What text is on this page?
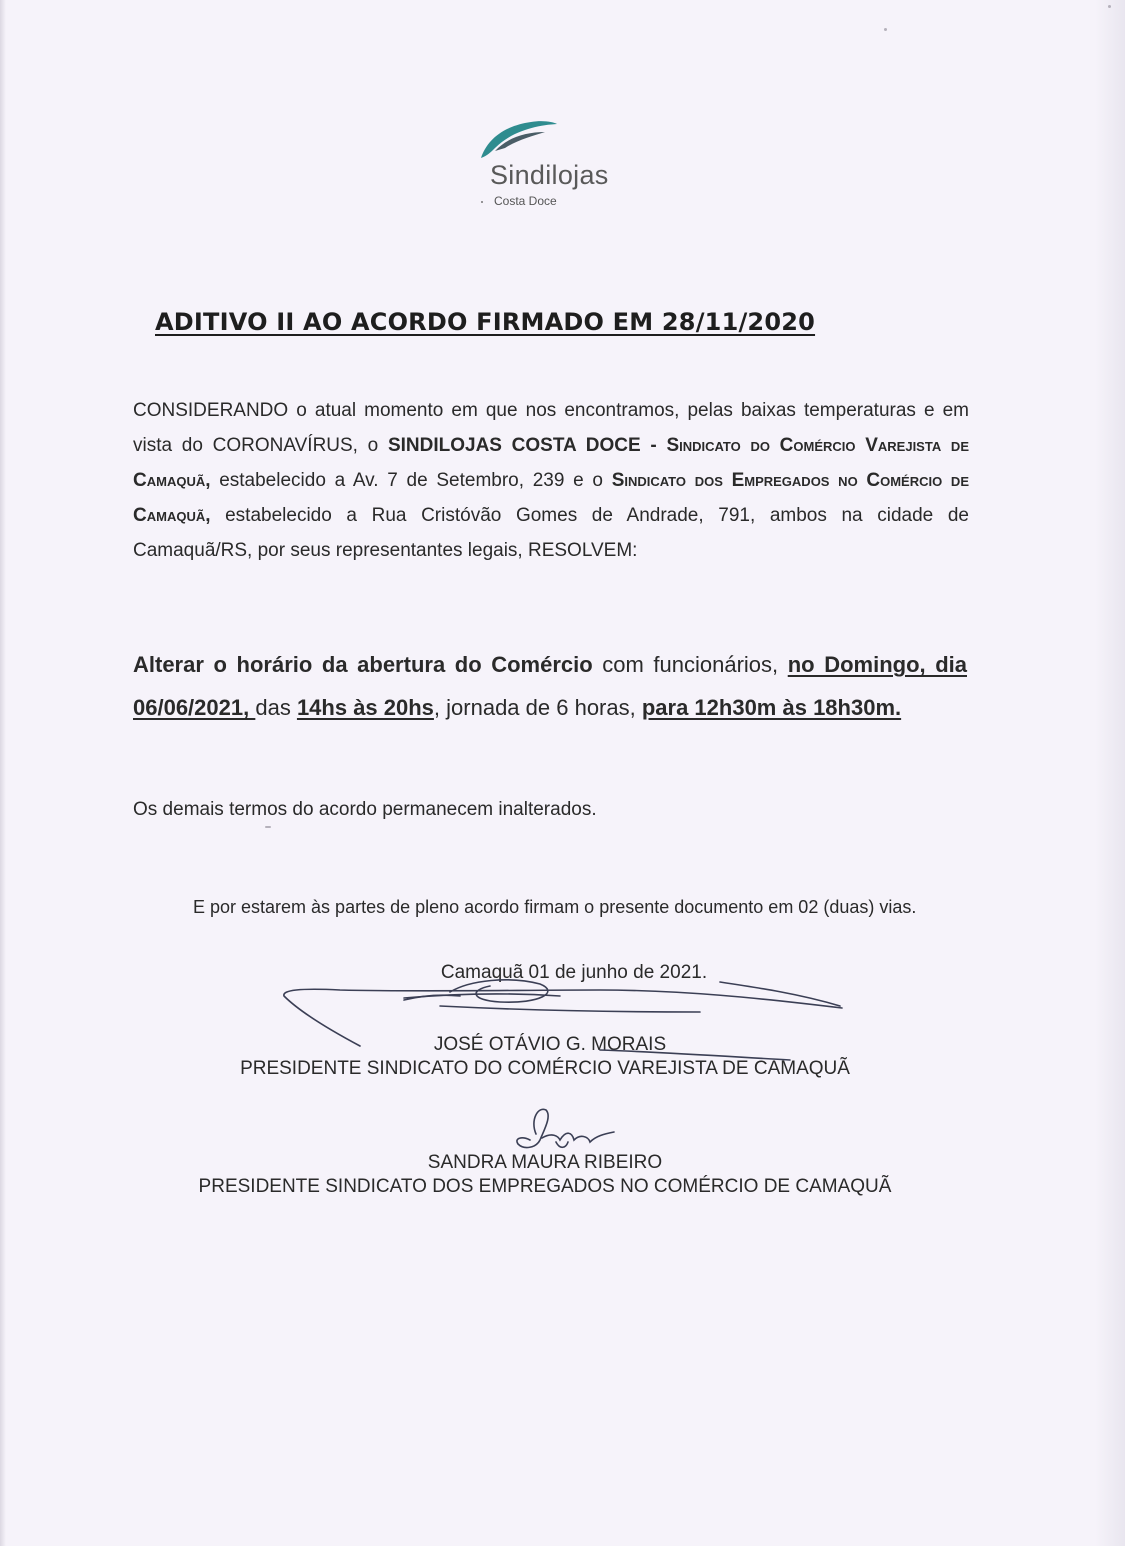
Sindilojas
Costa Doce
ADITIVO II AO ACORDO FIRMADO EM 28/11/2020
CONSIDERANDO o atual momento em que nos encontramos, pelas baixas temperaturas e em vista do CORONAVÍRUS, o SINDILOJAS COSTA DOCE - Sindicato do Comércio Varejista de Camaquã, estabelecido a Av. 7 de Setembro, 239 e o Sindicato dos Empregados no Comércio de Camaquã, estabelecido a Rua Cristóvão Gomes de Andrade, 791, ambos na cidade de Camaquã/RS, por seus representantes legais, RESOLVEM:
Alterar o horário da abertura do Comércio com funcionários, no Domingo, dia 06/06/2021, das 14hs às 20hs, jornada de 6 horas, para 12h30m às 18h30m.
Os demais termos do acordo permanecem inalterados.
E por estarem às partes de pleno acordo firmam o presente documento em 02 (duas) vias.
Camaquã 01 de junho de 2021.
JOSÉ OTÁVIO G. MORAIS
PRESIDENTE SINDICATO DO COMÉRCIO VAREJISTA DE CAMAQUÃ
SANDRA MAURA RIBEIRO
PRESIDENTE SINDICATO DOS EMPREGADOS NO COMÉRCIO DE CAMAQUÃ
